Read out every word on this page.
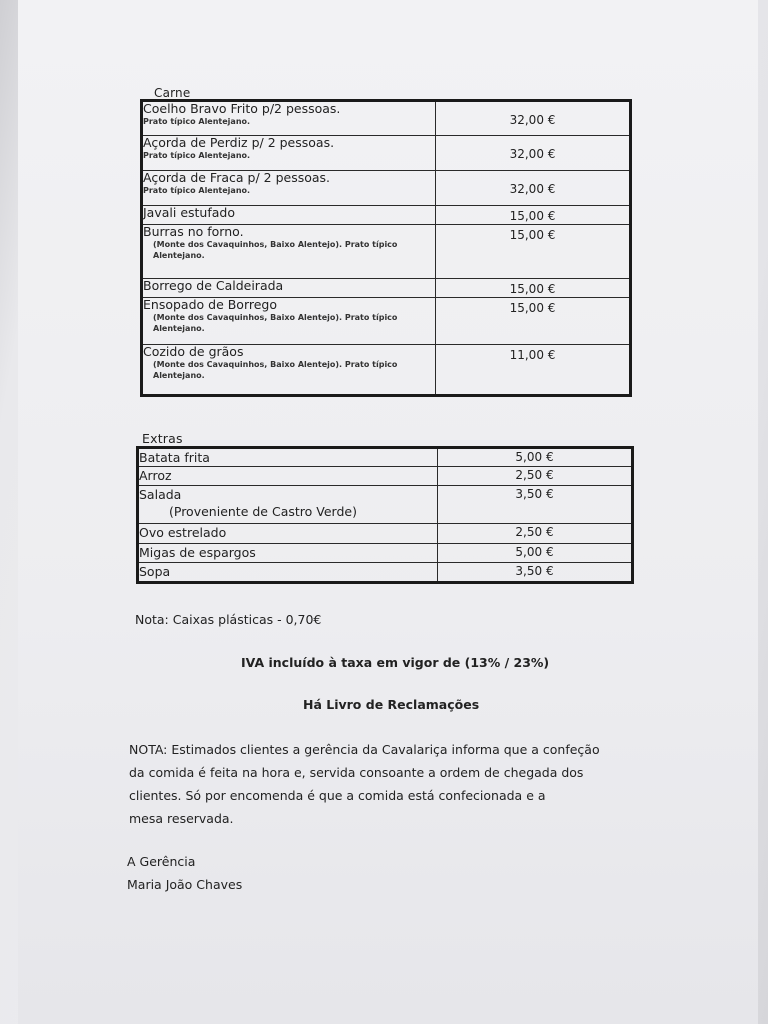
Carne
Coelho Bravo Frito p/2 pessoas.
Prato típico Alentejano.	32,00 €

Açorda de Perdiz p/ 2 pessoas.
Prato típico Alentejano.	32,00 €

Açorda de Fraca p/ 2 pessoas.
Prato típico Alentejano.	32,00 €

Javali estufado	15,00 €

Burras no forno.
(Monte dos Cavaquinhos, Baixo Alentejo). Prato típico Alentejano.	15,00 €

Borrego de Caldeirada	15,00 €

Ensopado de Borrego
(Monte dos Cavaquinhos, Baixo Alentejo). Prato típico Alentejano.	15,00 €

Cozido de grãos
(Monte dos Cavaquinhos, Baixo Alentejo). Prato típico Alentejano.	11,00 €
Extras
Batata frita	5,00 €

Arroz	2,50 €

Salada
(Proveniente de Castro Verde)	3,50 €

Ovo estrelado	2,50 €

Migas de espargos	5,00 €

Sopa	3,50 €
Nota: Caixas plásticas - 0,70€
IVA incluído à taxa em vigor de (13% / 23%)
Há Livro de Reclamações
NOTA: Estimados clientes a gerência da Cavalariça informa que a confeção
da comida é feita na hora e, servida consoante a ordem de chegada dos
clientes. Só por encomenda é que a comida está confecionada e a
mesa reservada.
A Gerência
Maria João Chaves
